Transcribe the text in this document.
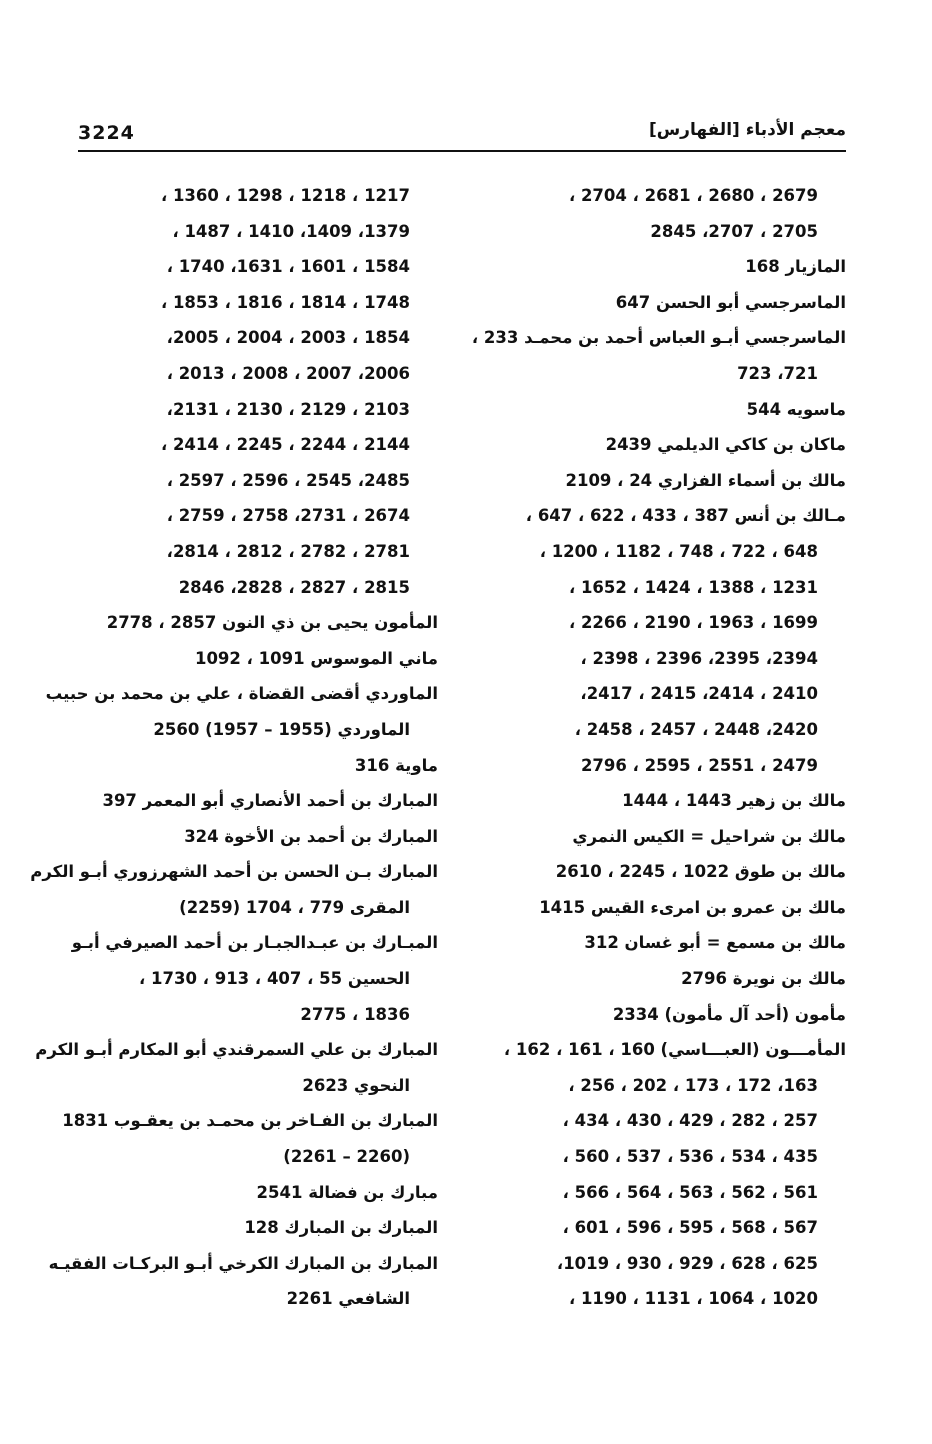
3224	معجم الأدباء [الفهارس]
2679 ، 2680 ، 2681 ، 2704 ،
2705 ، 2707، 2845
المازيار 168
الماسرجسي أبو الحسن 647
الماسرجسي أبـو العباس أحمد بن محمـد 233 ،
721، 723
ماسويه 544
ماكان بن كاكي الديلمي 2439
مالك بن أسماء الفزاري 24 ، 2109
مـالك بن أنس 387 ، 433 ، 622 ، 647 ،
648 ، 722 ، 748 ، 1182 ، 1200 ،
1231 ، 1388 ، 1424 ، 1652 ،
1699 ، 1963 ، 2190 ، 2266 ،
2394، 2395، 2396 ، 2398 ،
2410 ، 2414، 2415 ، 2417،
2420، 2448 ، 2457 ، 2458 ،
2479 ، 2551 ، 2595 ، 2796
مالك بن زهير 1443 ، 1444
مالك بن شراحيل = الكيس النمري
مالك بن طوق 1022 ، 2245 ، 2610
مالك بن عمرو بن امرىء القيس 1415
مالك بن مسمع = أبو غسان 312
مالك بن نويرة 2796
مأمون (أحد آل مأمون) 2334
المأمـــون (العبـــاسي) 160 ، 161 ، 162 ،
163، 172 ، 173 ، 202 ، 256 ،
257 ، 282 ، 429 ، 430 ، 434 ،
435 ، 534 ، 536 ، 537 ، 560 ،
561 ، 562 ، 563 ، 564 ، 566 ،
567 ، 568 ، 595 ، 596 ، 601 ،
625 ، 628 ، 929 ، 930 ، 1019،
1020 ، 1064 ، 1131 ، 1190 ،
1217 ، 1218 ، 1298 ، 1360 ،
1379، 1409، 1410 ، 1487 ،
1584 ، 1601 ، 1631، 1740 ،
1748 ، 1814 ، 1816 ، 1853 ،
1854 ، 2003 ، 2004 ، 2005،
2006، 2007 ، 2008 ، 2013 ،
2103 ، 2129 ، 2130 ، 2131،
2144 ، 2244 ، 2245 ، 2414 ،
2485، 2545 ، 2596 ، 2597 ،
2674 ، 2731، 2758 ، 2759 ،
2781 ، 2782 ، 2812 ، 2814،
2815 ، 2827 ، 2828، 2846
المأمون يحيى بن ذي النون 2857 ، 2778
ماني الموسوس 1091 ، 1092
الماوردي أقضى القضاة ، علي بن محمد بن حبيب
الماوردي (1955 – 1957) 2560
ماوية 316
المبارك بن أحمد الأنصاري أبو المعمر 397
المبارك بن أحمد بن الأخوة 324
المبارك بـن الحسن بن أحمد الشهرزوري أبـو الكرم
المقرى 779 ، 1704 (2259)
المبـارك بن عبـدالجبـار بن أحمد الصيرفي أبـو
الحسين 55 ، 407 ، 913 ، 1730 ،
1836 ، 2775
المبارك بن علي السمرقندي أبو المكارم أبـو الكرم
النحوي 2623
المبارك بن الفـاخر بن محمـد بن يعقـوب 1831
(2260 – 2261)
مبارك بن فضالة 2541
المبارك بن المبارك 128
المبارك بن المبارك الكرخي أبـو البركـات الفقيـه
الشافعي 2261
